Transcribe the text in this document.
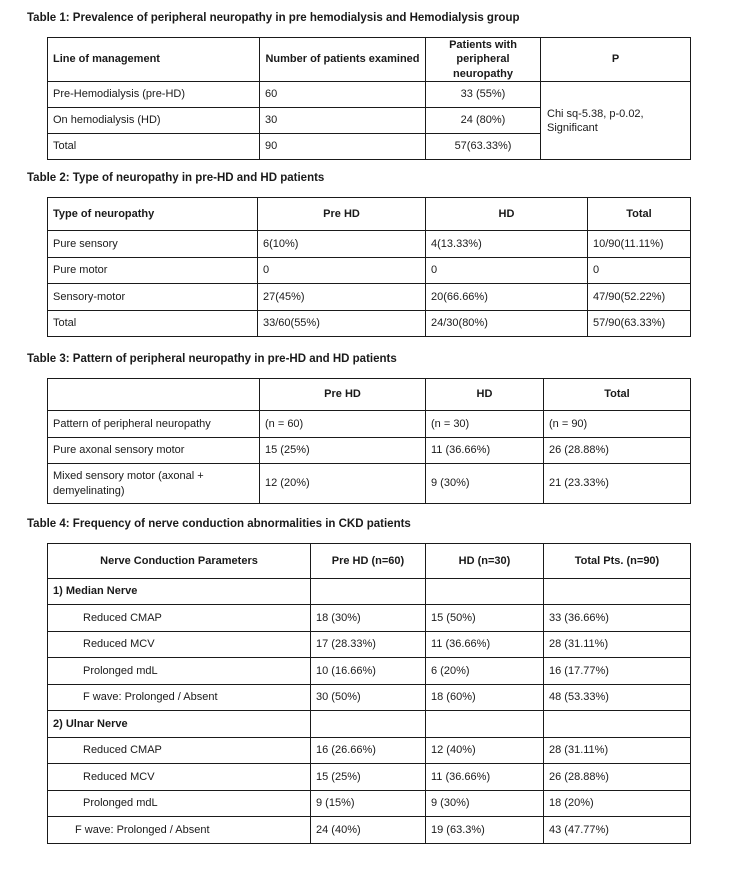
Table 1: Prevalence of peripheral neuropathy in pre hemodialysis and Hemodialysis group
Line of management	Number of patients examined	Patients with peripheral neuropathy	P
Pre-Hemodialysis (pre-HD)	60	33 (55%)	Chi sq-5.38, p-0.02, Significant
On hemodialysis (HD)	30	24 (80%)	
Total	90	57(63.33%)	
Table 2: Type of neuropathy in pre-HD and HD patients
Type of neuropathy	Pre HD	HD	Total
Pure sensory	6(10%)	4(13.33%)	10/90(11.11%)
Pure motor	0	0	0
Sensory-motor	27(45%)	20(66.66%)	47/90(52.22%)
Total	33/60(55%)	24/30(80%)	57/90(63.33%)
Table 3: Pattern of peripheral neuropathy in pre-HD and HD patients
	Pre HD	HD	Total
Pattern of peripheral neuropathy	(n = 60)	(n = 30)	(n = 90)
Pure axonal sensory motor	15 (25%)	11 (36.66%)	26 (28.88%)
Mixed sensory motor (axonal + demyelinating)	12 (20%)	9 (30%)	21 (23.33%)
Table 4: Frequency of nerve conduction abnormalities in CKD patients
Nerve Conduction Parameters	Pre HD (n=60)	HD (n=30)	Total Pts. (n=90)
1) Median Nerve			
Reduced CMAP	18 (30%)	15 (50%)	33 (36.66%)
Reduced MCV	17 (28.33%)	11 (36.66%)	28 (31.11%)
Prolonged mdL	10 (16.66%)	6 (20%)	16 (17.77%)
F wave: Prolonged / Absent	30 (50%)	18 (60%)	48 (53.33%)
2) Ulnar Nerve			
Reduced CMAP	16 (26.66%)	12 (40%)	28 (31.11%)
Reduced MCV	15 (25%)	11 (36.66%)	26 (28.88%)
Prolonged mdL	9 (15%)	9 (30%)	18 (20%)
F wave: Prolonged / Absent	24 (40%)	19 (63.3%)	43 (47.77%)
